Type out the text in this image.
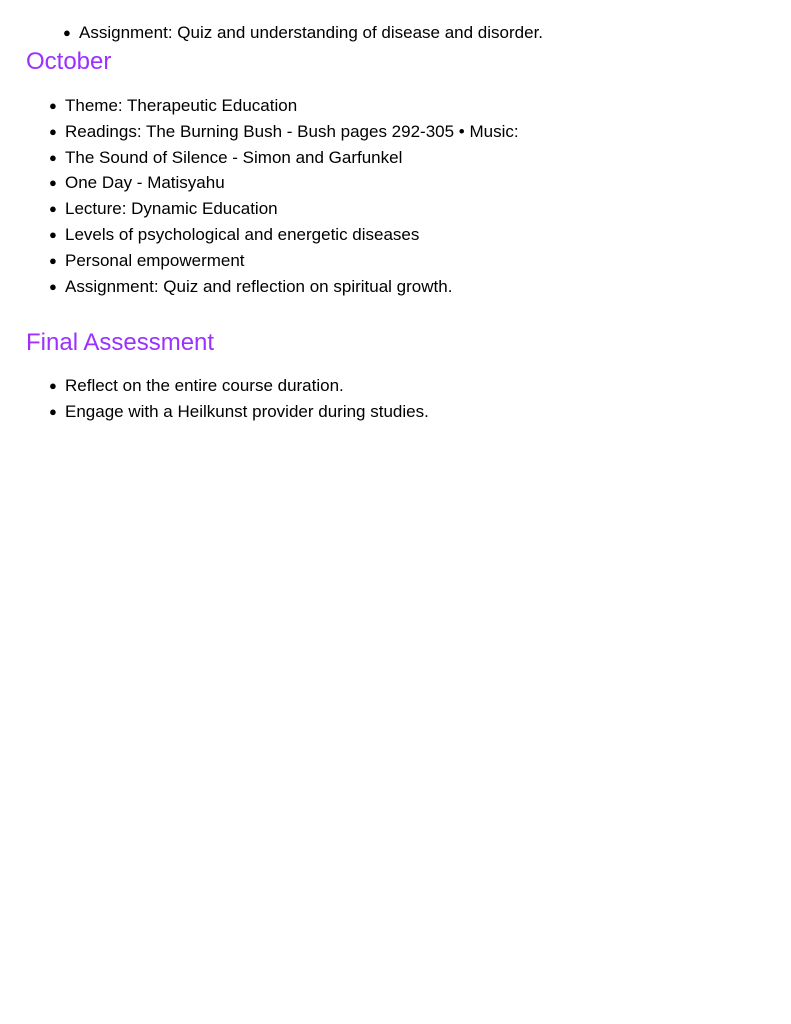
● Assignment: Quiz and understanding of disease and disorder.
October
● Theme: Therapeutic Education
● Readings: The Burning Bush - Bush pages 292-305 • Music:
● The Sound of Silence - Simon and Garfunkel
● One Day - Matisyahu
● Lecture: Dynamic Education
● Levels of psychological and energetic diseases
● Personal empowerment
● Assignment: Quiz and reflection on spiritual growth.
Final Assessment
● Reflect on the entire course duration.
● Engage with a Heilkunst provider during studies.
